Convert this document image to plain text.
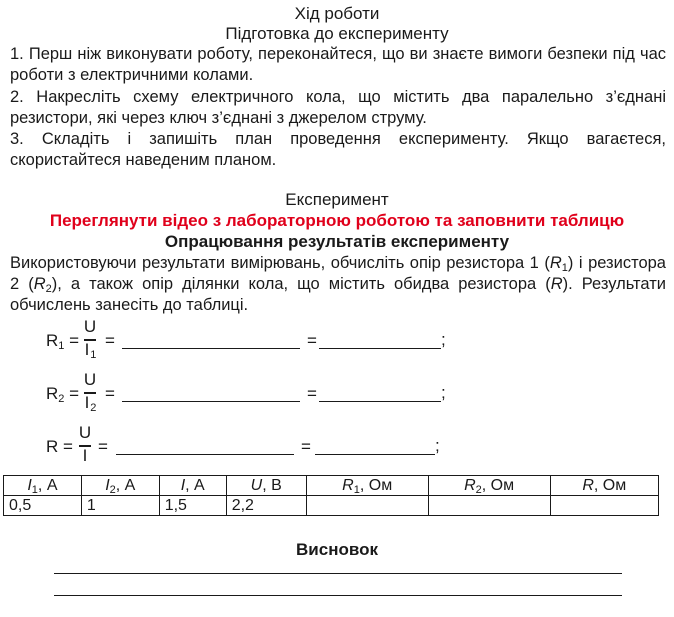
Хід роботи
Підготовка до експерименту

1. Перш ніж виконувати роботу, переконайтеся, що ви знаєте вимоги безпеки під час роботи з електричними колами.

2. Накресліть схему електричного кола, що містить два паралельно з’єднані резистори, які через ключ з’єднані з джерелом струму.

3. Складіть і запишіть план проведення експерименту. Якщо вагаєтеся, скористайтеся наведеним планом.

Експеримент
Переглянути відео з лабораторною роботою та заповнити таблицю
Опрацювання результатів експерименту

Використовуючи результати вимірювань, обчисліть опір резистора 1 $(R_1)$ і резистора 2 $(R_2)$, а також опір ділянки кола, що містить обидва резистора (R). Результати обчислень занесіть до таблиці.

$R_1$ =
U
$I_1$
=	=	;
$R_2$ =
U
$I_2$
=	=	;
R =
U
I =	=	;
$I_1$, А	$I_2$, А	I, А	U, В	$R_1$, Ом	$R_2$, Ом	R, Ом
0,5	1	1,5	2,2			
Висновок
